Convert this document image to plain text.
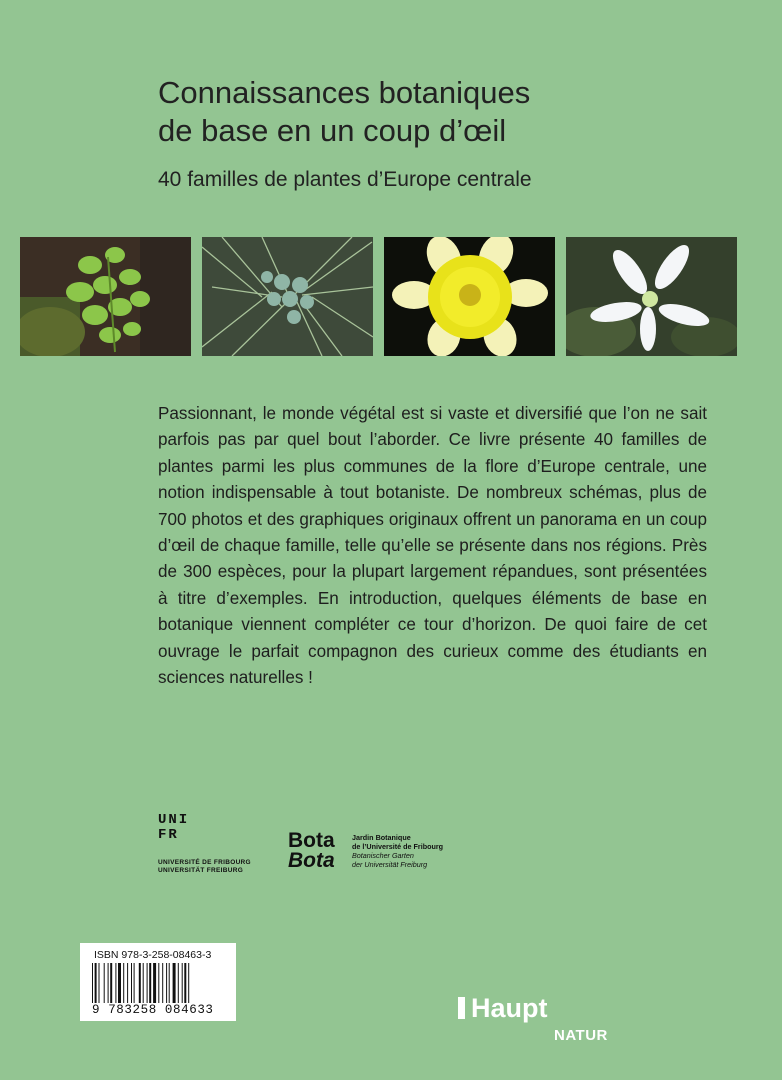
Connaissances botaniques
de base en un coup d’œil
40 familles de plantes d’Europe centrale
Passionnant, le monde végétal est si vaste et diversifié que l’on ne sait parfois pas par quel bout l’aborder. Ce livre présente 40 familles de plantes parmi les plus communes de la flore d’Europe centrale, une notion indispensable à tout botaniste. De nombreux schémas, plus de 700 photos et des graphiques originaux offrent un panorama en un coup d’œil de chaque famille, telle qu’elle se présente dans nos régions. Près de 300 espèces, pour la plupart largement répandues, sont présentées à titre d’exemples. En introduction, quelques éléments de base en botanique viennent compléter ce tour d’horizon. De quoi faire de cet ouvrage le parfait compagnon des curieux comme des étudiants en sciences naturelles !
UNI
FR
UNIVERSITÉ DE FRIBOURG
UNIVERSITÄT FREIBURG
Bota
Bota
Jardin Botanique
de l’Université de Fribourg
Botanischer Garten
der Universität Freiburg
ISBN 978-3-258-08463-3
9 783258 084633	Haupt
NATUR
